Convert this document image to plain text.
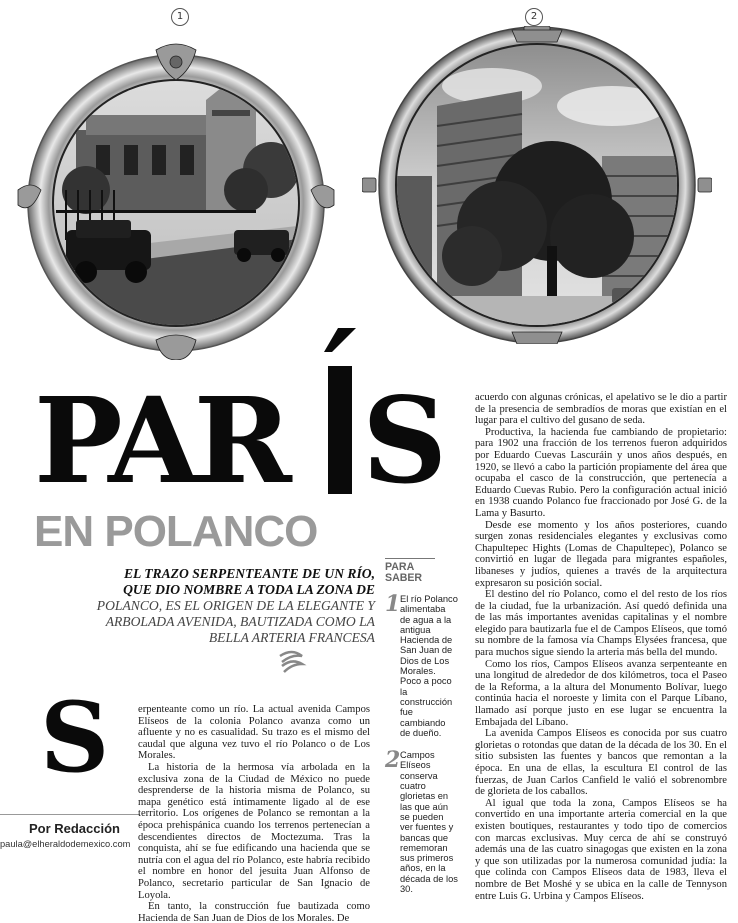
1	2
PAR S
EN POLANCO
EL TRAZO SERPENTEANTE DE UN RÍO,
QUE DIO NOMBRE A TODA LA ZONA DE
POLANCO, ES EL ORIGEN DE LA ELEGANTE Y
ARBOLADA AVENIDA, BAUTIZADA COMO LA
BELLA ARTERIA FRANCESA
S
Por Redacción
paula@elheraldodemexico.com

erpenteante como un río. La actual avenida Campos Elíseos de la colonia Polanco avanza como un afluente y no es casualidad. Su trazo es el mismo del caudal que alguna vez tuvo el río Polanco o de Los Morales.

La historia de la hermosa vía arbolada en la exclusiva zona de la Ciudad de México no puede desprenderse de la historia misma de Polanco, su mapa genético está íntimamente ligado al de ese territorio. Los orígenes de Polanco se remontan a la época prehispánica cuando los terrenos pertenecían a descendientes directos de Moctezuma. Tras la conquista, ahí se fue edificando una hacienda que se nutría con el agua del río Polanco, este habría recibido el nombre en honor del jesuita Juan Alfonso de Polanco, secretario particular de San Ignacio de Loyola.

En tanto, la construcción fue bautizada como Hacienda de San Juan de Dios de los Morales. De

PARA
SABER
1 El río Polanco alimentaba de agua a la antigua Hacienda de San Juan de Dios de Los Morales. Poco a poco la construcción fue cambiando de dueño.
2 Campos Elíseos conserva cuatro glorietas en las que aún se pueden ver fuentes y bancas que rememoran sus primeros años, en la década de los 30.

acuerdo con algunas crónicas, el apelativo se le dio a partir de la presencia de sembradíos de moras que existían en el lugar para el cultivo del gusano de seda.

Productiva, la hacienda fue cambiando de propietario: para 1902 una fracción de los terrenos fueron adquiridos por Eduardo Cuevas Lascuráin y unos años después, en 1920, se llevó a cabo la partición propiamente del área que ocupaba el casco de la construcción, que pertenecía a Eduardo Cuevas Rubio. Pero la configuración actual inició en 1938 cuando Polanco fue fraccionado por José G. de la Lama y Basurto.

Desde ese momento y los años posteriores, cuando surgen zonas residenciales elegantes y exclusivas como Chapultepec Hights (Lomas de Chapultepec), Polanco se convirtió en lugar de llegada para migrantes españoles, libaneses y judíos, quienes a través de la arquitectura expresaron su posición social.

El destino del río Polanco, como el del resto de los ríos de la ciudad, fue la urbanización. Así quedó definida una de las más importantes avenidas capitalinas y el nombre elegido para bautizarla fue el de Campos Elíseos, que tomó su nombre de la famosa vía Champs Elysées francesa, que para muchos sigue siendo la arteria más bella del mundo.

Como los ríos, Campos Elíseos avanza serpenteante en una longitud de alrededor de dos kilómetros, toca el Paseo de la Reforma, a la altura del Monumento Bolívar, luego continúa hacia el noroeste y limita con el Parque Líbano, llamado así porque justo en ese lugar se encuentra la Embajada del Líbano.

La avenida Campos Elíseos es conocida por sus cuatro glorietas o rotondas que datan de la década de los 30. En el sitio subsisten las fuentes y bancos que remontan a la época. En una de ellas, la escultura El control de las fuerzas, de Juan Carlos Canfield le valió el sobrenombre de glorieta de los caballos.

Al igual que toda la zona, Campos Elíseos se ha convertido en una importante arteria comercial en la que existen boutiques, restaurantes y todo tipo de comercios con marcas exclusivas. Muy cerca de ahí se construyó además una de las cuatro sinagogas que existen en la zona y que son utilizadas por la numerosa comunidad judía: la que colinda con Campos Elíseos data de 1983, lleva el nombre de Bet Moshé y se ubica en la calle de Tennyson entre Luis G. Urbina y Campos Elíseos.
